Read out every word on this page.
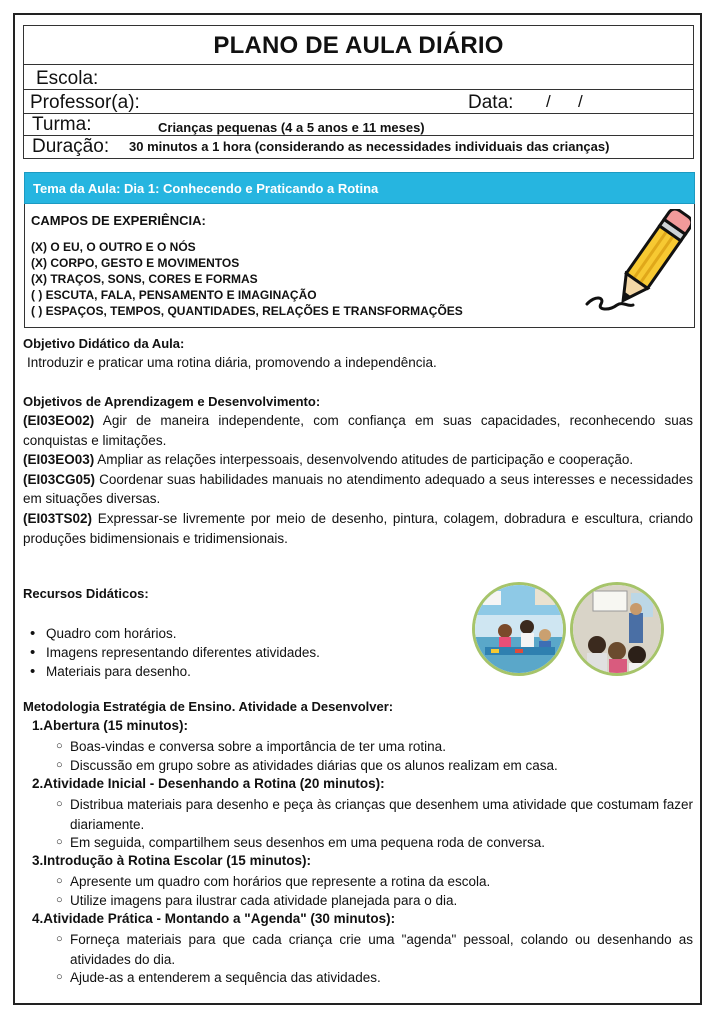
PLANO DE AULA DIÁRIO
Escola:
Professor(a):	Data: / /
Turma:	Crianças pequenas (4 a 5 anos e 11 meses)
Duração: 30 minutos a 1 hora (considerando as necessidades individuais das crianças)
Tema da Aula: Dia 1: Conhecendo e Praticando a Rotina
CAMPOS DE EXPERIÊNCIA:
(X) O EU, O OUTRO E O NÓS
(X) CORPO, GESTO E MOVIMENTOS
(X) TRAÇOS, SONS, CORES E FORMAS
( ) ESCUTA, FALA, PENSAMENTO E IMAGINAÇÃO
( ) ESPAÇOS, TEMPOS, QUANTIDADES, RELAÇÕES E TRANSFORMAÇÕES
Objetivo Didático da Aula:
Introduzir e praticar uma rotina diária, promovendo a independência.
Objetivos de Aprendizagem e Desenvolvimento:
(EI03EO02) Agir de maneira independente, com confiança em suas capacidades, reconhecendo suas conquistas e limitações.
(EI03EO03) Ampliar as relações interpessoais, desenvolvendo atitudes de participação e cooperação.
(EI03CG05) Coordenar suas habilidades manuais no atendimento adequado a seus interesses e necessidades em situações diversas.
(EI03TS02) Expressar-se livremente por meio de desenho, pintura, colagem, dobradura e escultura, criando produções bidimensionais e tridimensionais.
Recursos Didáticos:
• Quadro com horários.
• Imagens representando diferentes atividades.
• Materiais para desenho.
Metodologia Estratégia de Ensino. Atividade a Desenvolver:
1.Abertura (15 minutos):
○ Boas-vindas e conversa sobre a importância de ter uma rotina.
○ Discussão em grupo sobre as atividades diárias que os alunos realizam em casa.
2.Atividade Inicial - Desenhando a Rotina (20 minutos):
○ Distribua materiais para desenho e peça às crianças que desenhem uma atividade que costumam fazer diariamente.
○ Em seguida, compartilhem seus desenhos em uma pequena roda de conversa.
3.Introdução à Rotina Escolar (15 minutos):
○ Apresente um quadro com horários que represente a rotina da escola.
○ Utilize imagens para ilustrar cada atividade planejada para o dia.
4.Atividade Prática - Montando a "Agenda" (30 minutos):
○ Forneça materiais para que cada criança crie uma "agenda" pessoal, colando ou desenhando as atividades do dia.
○ Ajude-as a entenderem a sequência das atividades.
